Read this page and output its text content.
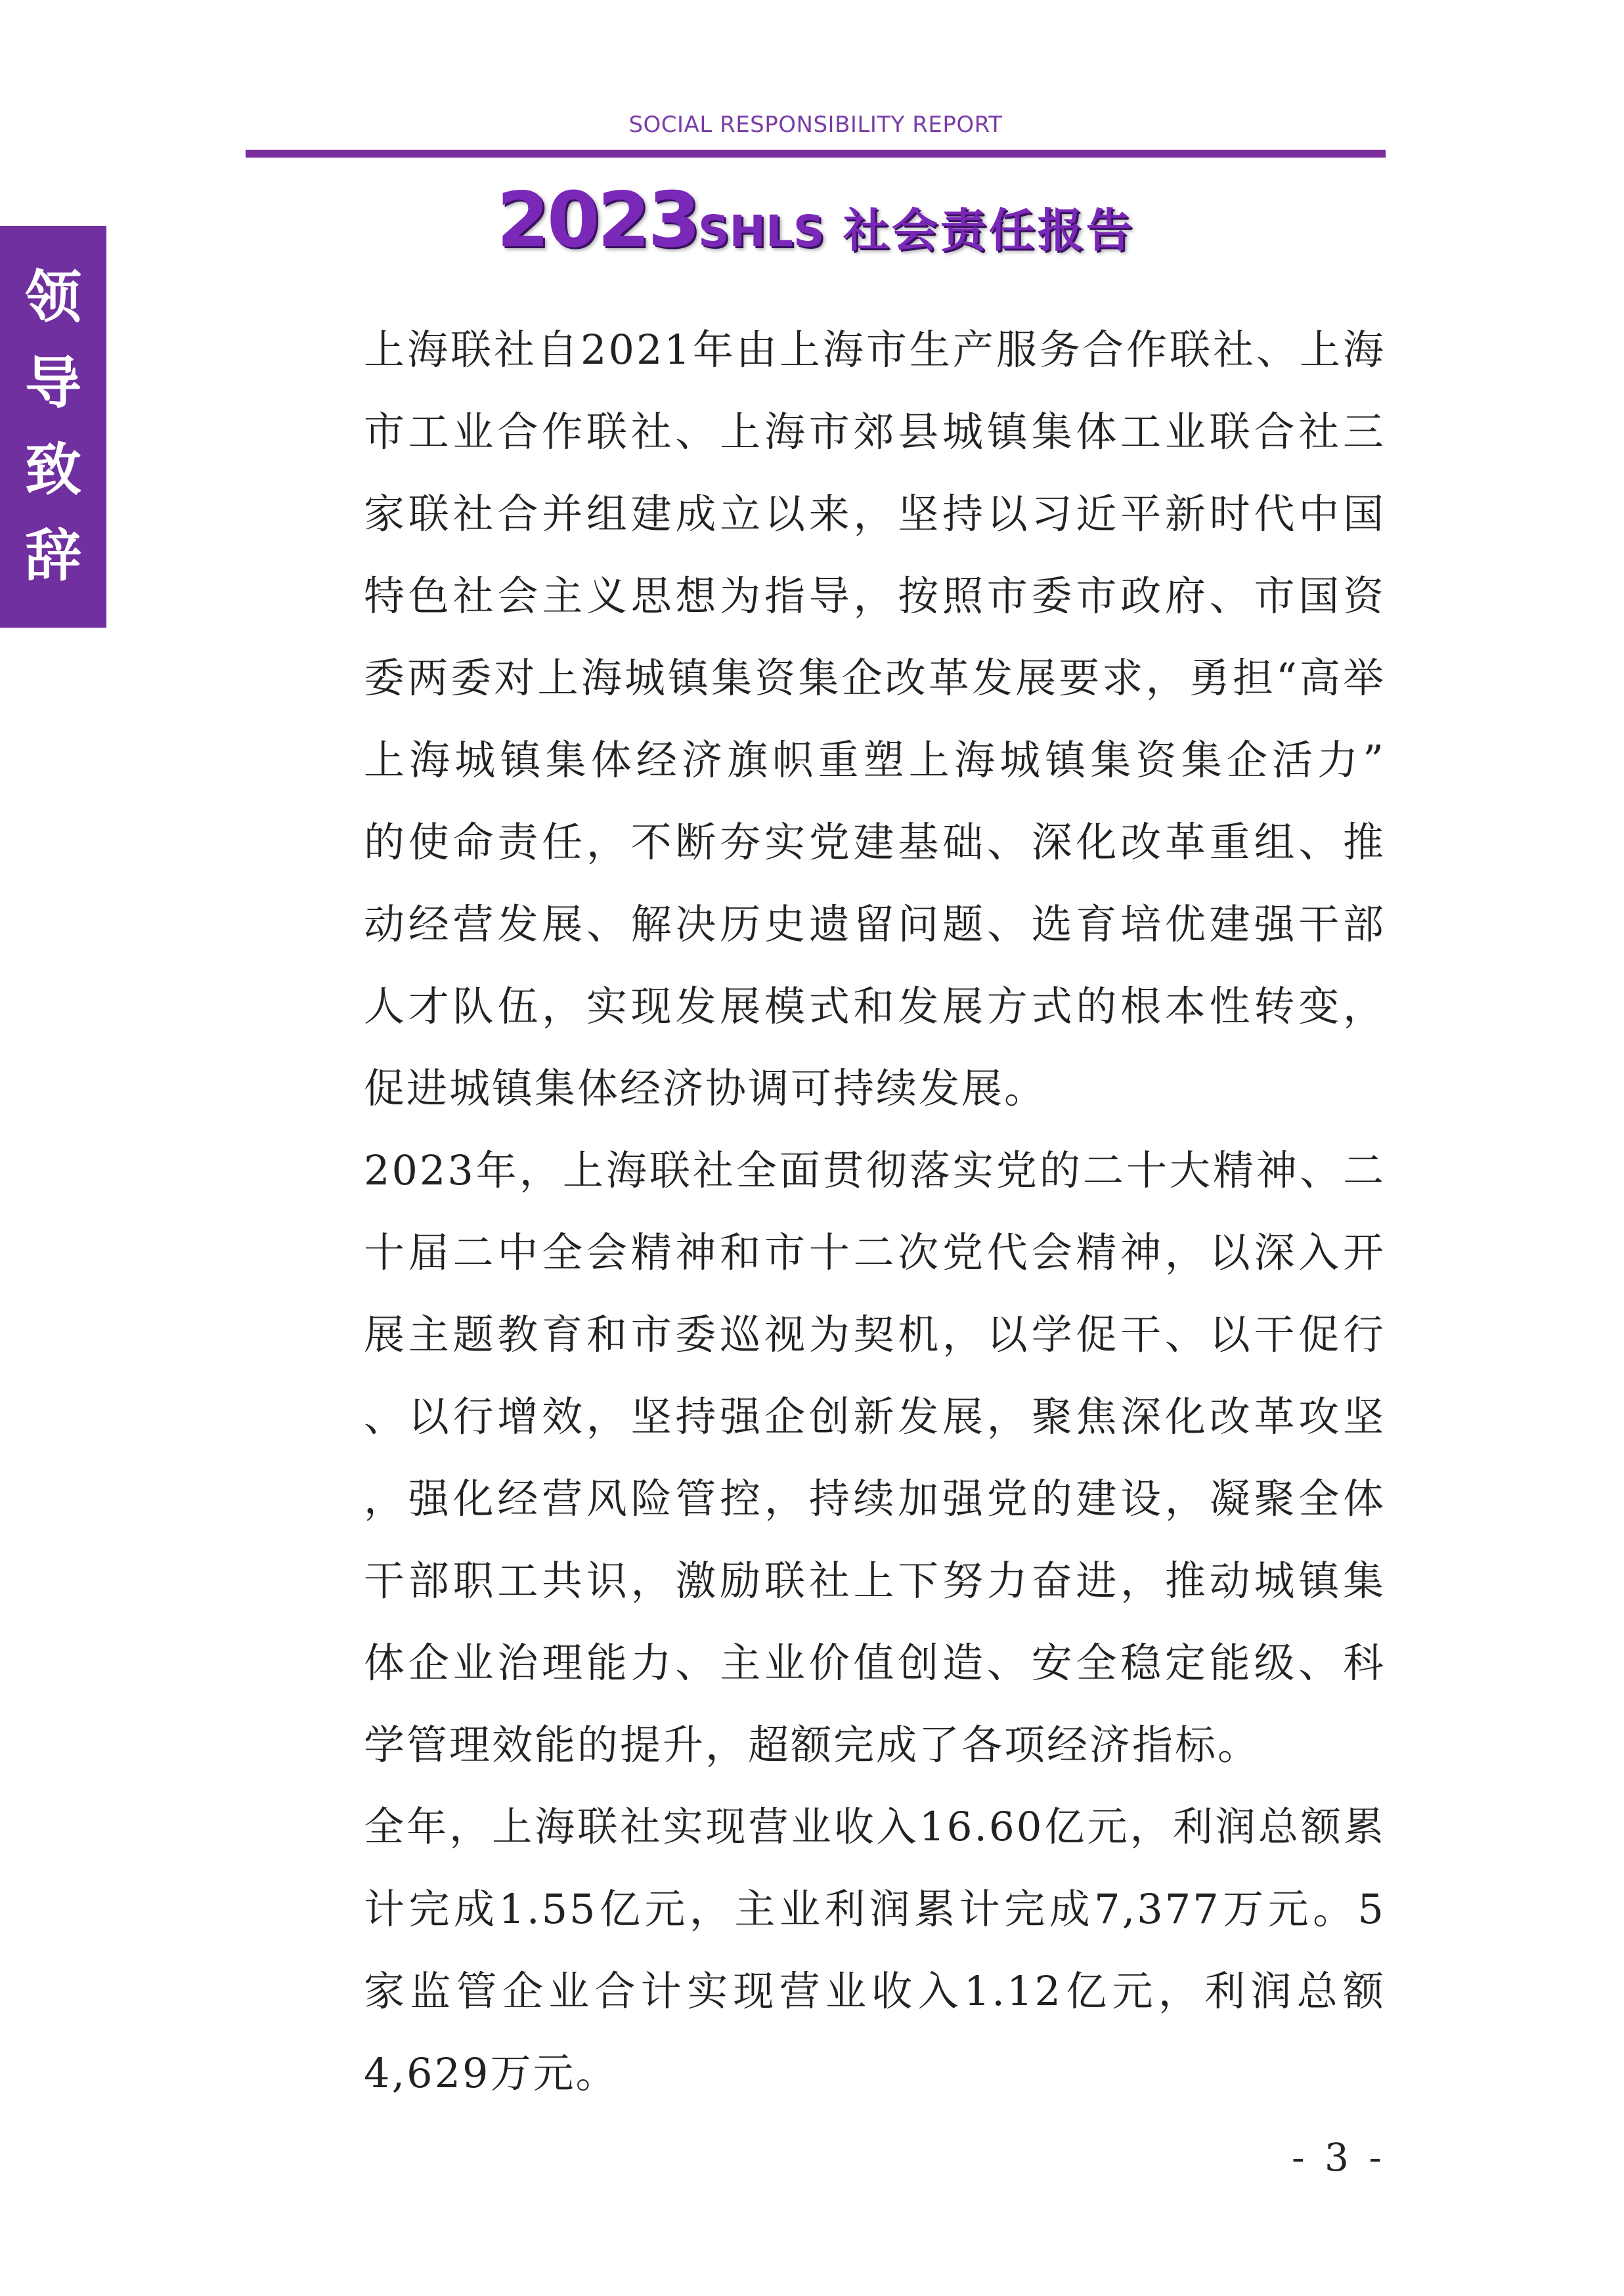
SOCIAL RESPONSIBILITY REPORT
领
导
致
辞
2023SHLS 社会责任报告
上海联社自2021年由上海市生产服务合作联社、上海
市工业合作联社、上海市郊县城镇集体工业联合社三
家联社合并组建成立以来，坚持以习近平新时代中国
特色社会主义思想为指导，按照市委市政府、市国资
委两委对上海城镇集资集企改革发展要求，勇担“高举
上海城镇集体经济旗帜重塑上海城镇集资集企活力”
的使命责任，不断夯实党建基础、深化改革重组、推
动经营发展、解决历史遗留问题、选育培优建强干部
人才队伍，实现发展模式和发展方式的根本性转变，
促进城镇集体经济协调可持续发展。
2023年，上海联社全面贯彻落实党的二十大精神、二
十届二中全会精神和市十二次党代会精神，以深入开
展主题教育和市委巡视为契机，以学促干、以干促行
、以行增效，坚持强企创新发展，聚焦深化改革攻坚
，强化经营风险管控，持续加强党的建设，凝聚全体
干部职工共识，激励联社上下努力奋进，推动城镇集
体企业治理能力、主业价值创造、安全稳定能级、科
学管理效能的提升，超额完成了各项经济指标。
全年，上海联社实现营业收入16.60亿元，利润总额累
计完成1.55亿元，主业利润累计完成7,377万元。5
家监管企业合计实现营业收入1.12亿元，利润总额
4,629万元。
- 3 -
